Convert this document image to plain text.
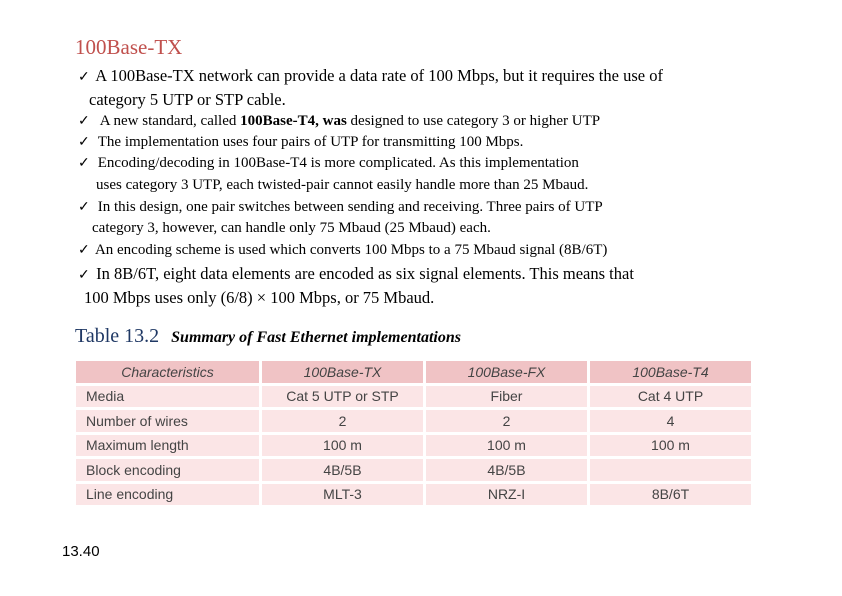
100Base-TX
✓ A 100Base-TX network can provide a data rate of 100 Mbps, but it requires the use of
category 5 UTP or STP cable.
✓ A new standard, called 100Base-T4, was designed to use category 3 or higher UTP
✓ The implementation uses four pairs of UTP for transmitting 100 Mbps.
✓ Encoding/decoding in 100Base-T4 is more complicated. As this implementation
uses category 3 UTP, each twisted-pair cannot easily handle more than 25 Mbaud.
✓ In this design, one pair switches between sending and receiving. Three pairs of UTP
category 3, however, can handle only 75 Mbaud (25 Mbaud) each.
✓ An encoding scheme is used which converts 100 Mbps to a 75 Mbaud signal (8B/6T)
✓ In 8B/6T, eight data elements are encoded as six signal elements. This means that
100 Mbps uses only (6/8) × 100 Mbps, or 75 Mbaud.
Table 13.2 Summary of Fast Ethernet implementations
Characteristics	100Base-TX	100Base-FX	100Base-T4
Media	Cat 5 UTP or STP	Fiber	Cat 4 UTP
Number of wires	2	2	4
Maximum length	100 m	100 m	100 m
Block encoding	4B/5B	4B/5B	
Line encoding	MLT-3	NRZ-I	8B/6T
13.40
